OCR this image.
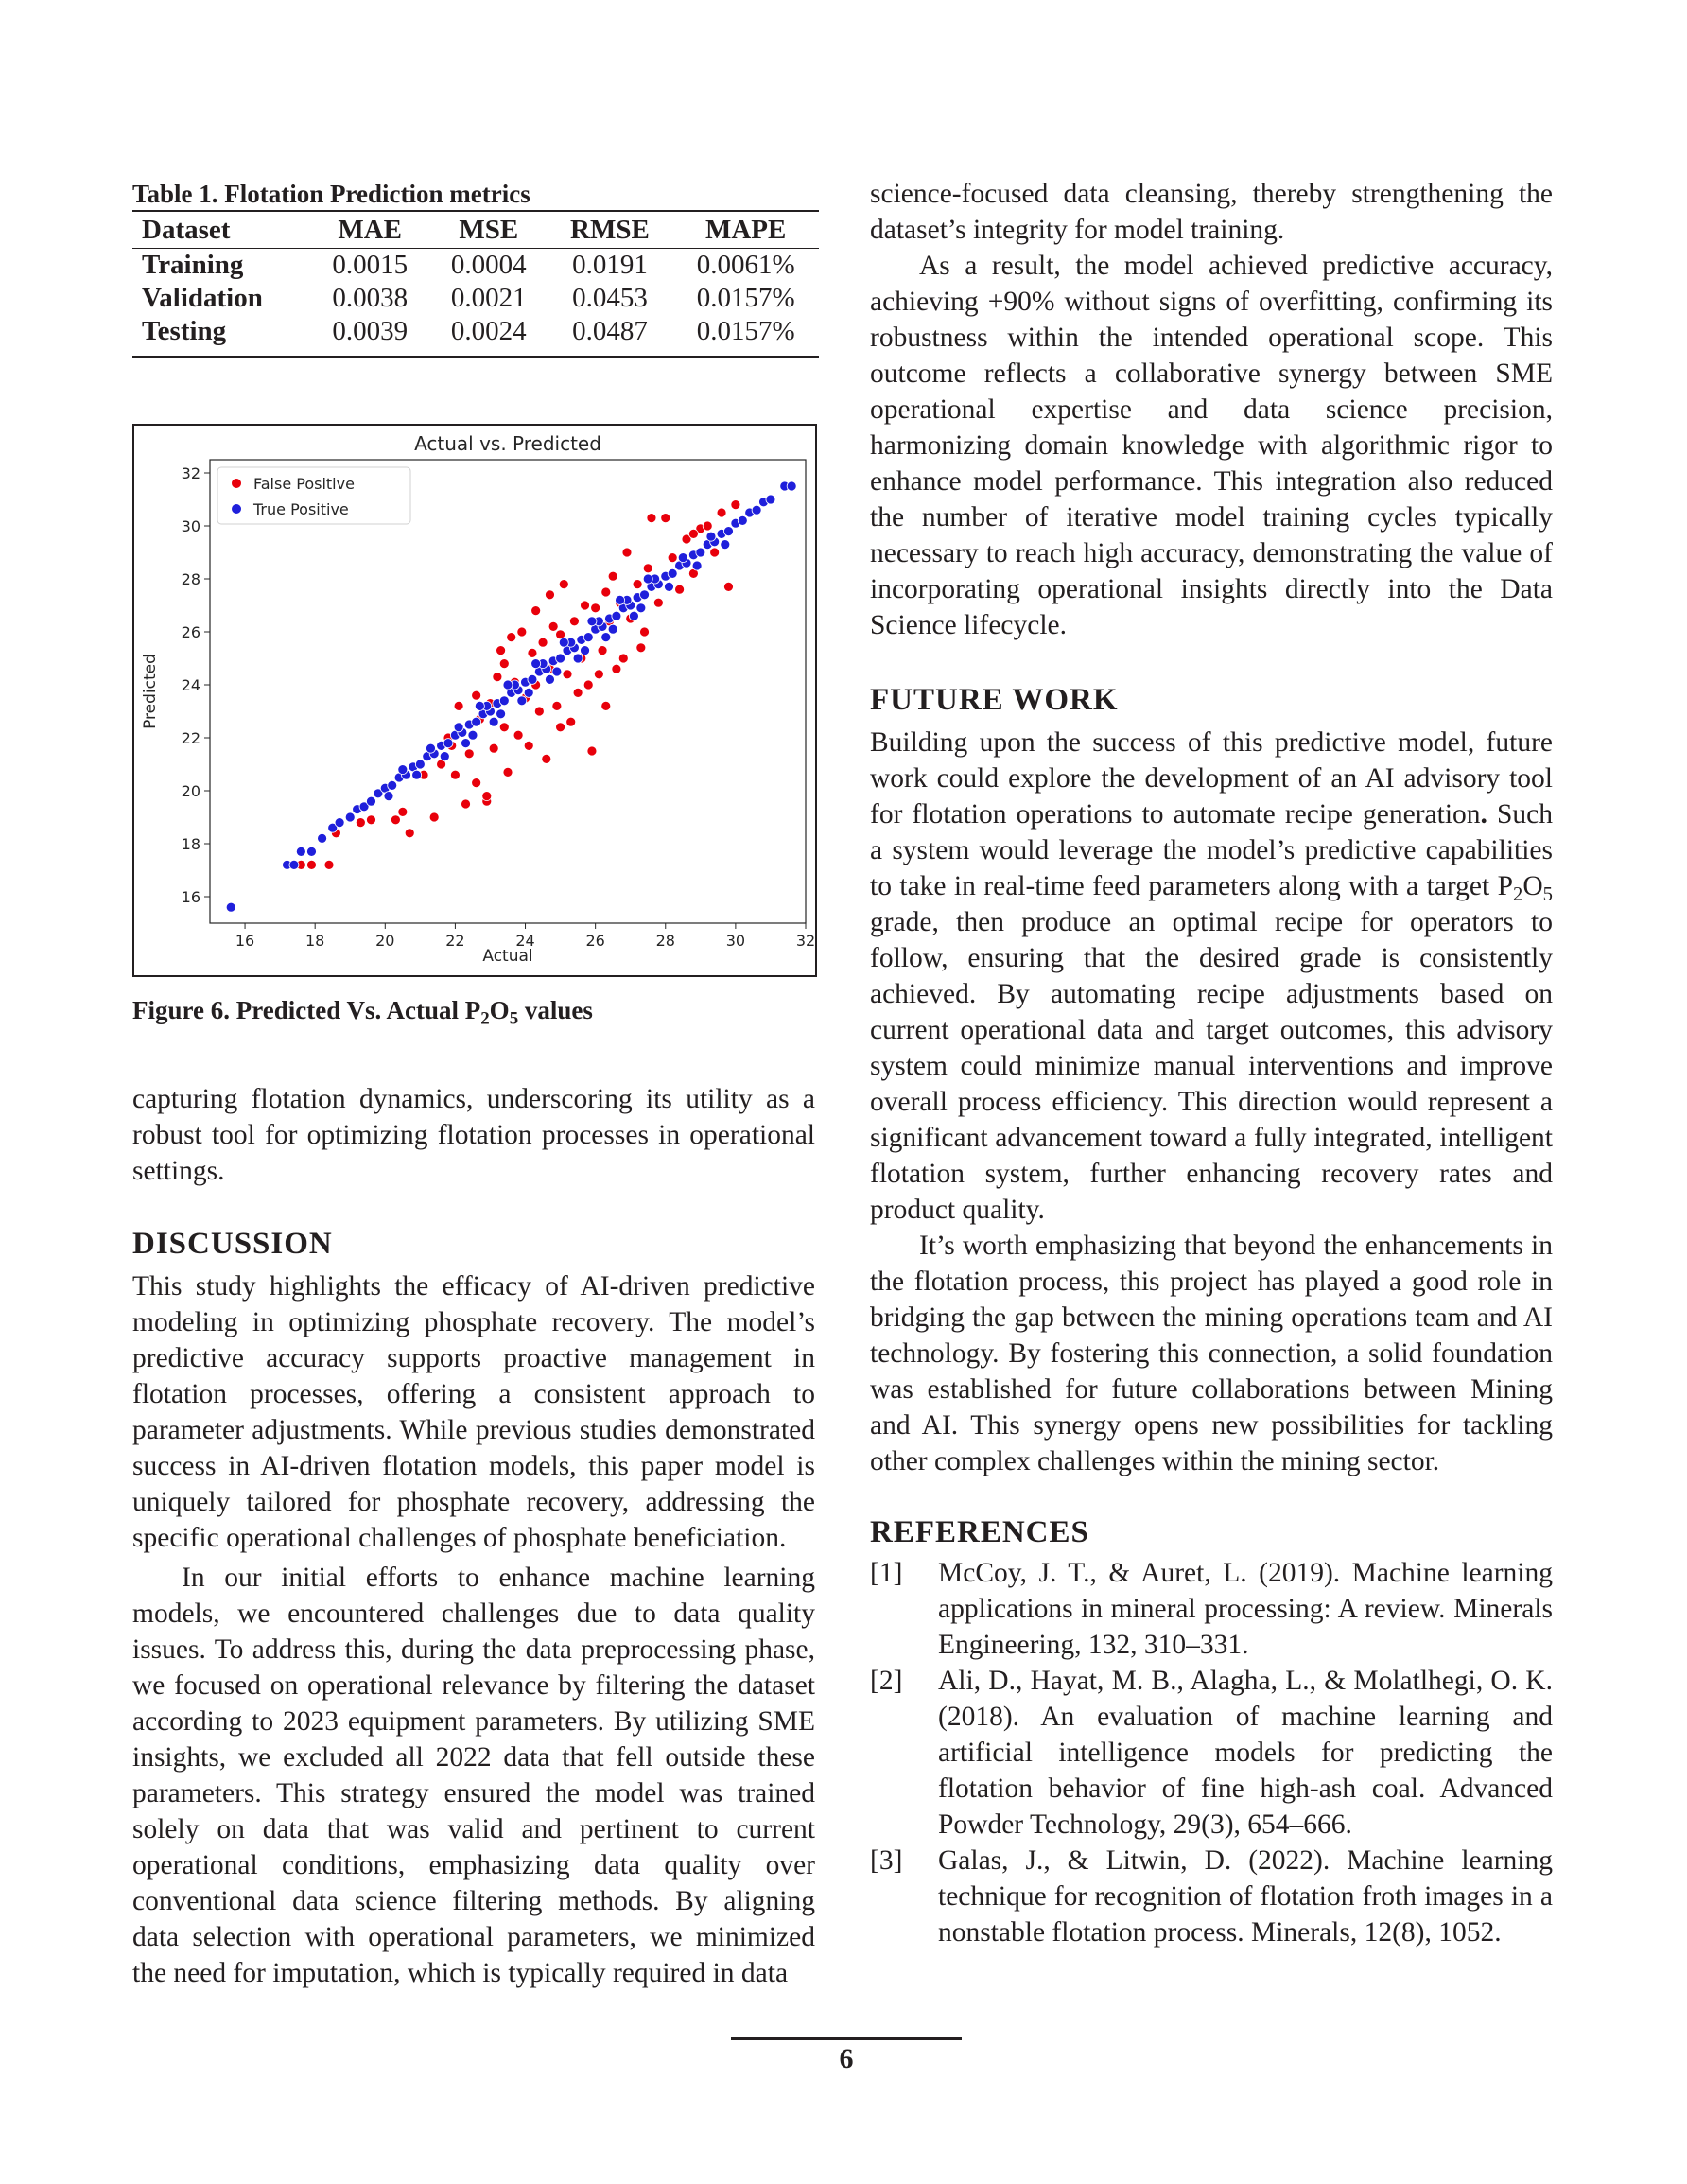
Table 1. Flotation Prediction metrics
Dataset	MAE	MSE	RMSE	MAPE
Training	0.0015	0.0004	0.0191	0.0061%
Validation	0.0038	0.0021	0.0453	0.0157%
Testing	0.0039	0.0024	0.0487	0.0157%
Actual vs. Predicted
16	18	20	22	24	26	28	30	32
16
18
20
22
24
26
28
30
32
Actual
Predicted
False Positive
True Positive
Figure 6. Predicted Vs. Actual $P_2O_5$ values

capturing flotation dynamics, underscoring its utility as a robust tool for optimizing flotation processes in operational settings.

DISCUSSION

This study highlights the efficacy of AI-driven predictive modeling in optimizing phosphate recovery. The model’s predictive accuracy supports proactive management in flotation processes, offering a consistent approach to parameter adjustments. While previous studies demonstrated success in AI-driven flotation models, this paper model is uniquely tailored for phosphate recovery, addressing the specific operational challenges of phosphate beneficiation.

In our initial efforts to enhance machine learning models, we encountered challenges due to data quality issues. To address this, during the data preprocessing phase, we focused on operational relevance by filtering the dataset according to 2023 equipment parameters. By utilizing SME insights, we excluded all 2022 data that fell outside these parameters. This strategy ensured the model was trained solely on data that was valid and pertinent to current operational conditions, emphasizing data quality over conventional data science filtering methods. By aligning data selection with operational parameters, we minimized the need for imputation, which is typically required in data

science-focused data cleansing, thereby strengthening the dataset’s integrity for model training.

As a result, the model achieved predictive accuracy, achieving +90% without signs of overfitting, confirming its robustness within the intended operational scope. This outcome reflects a collaborative synergy between SME operational expertise and data science precision, harmonizing domain knowledge with algorithmic rigor to enhance model performance. This integration also reduced the number of iterative model training cycles typically necessary to reach high accuracy, demonstrating the value of incorporating operational insights directly into the Data Science lifecycle.

FUTURE WORK

Building upon the success of this predictive model, future work could explore the development of an AI advisory tool for flotation operations to automate recipe generation. Such a system would leverage the model’s predictive capabilities to take in real-time feed parameters along with a target $P_2O_5$ grade, then produce an optimal recipe for operators to follow, ensuring that the desired grade is consistently achieved. By automating recipe adjustments based on current operational data and target outcomes, this advisory system could minimize manual interventions and improve overall process efficiency. This direction would represent a significant advancement toward a fully integrated, intelligent flotation system, further enhancing recovery rates and product quality.

It’s worth emphasizing that beyond the enhancements in the flotation process, this project has played a good role in bridging the gap between the mining operations team and AI technology. By fostering this connection, a solid foundation was established for future collaborations between Mining and AI. This synergy opens new possibilities for tackling other complex challenges within the mining sector.

REFERENCES
[1]	McCoy, J. T., & Auret, L. (2019). Machine learning applications in mineral processing: A review. Minerals Engineering, 132, 310–331.
[2]	Ali, D., Hayat, M. B., Alagha, L., & Molatlhegi, O. K. (2018). An evaluation of machine learning and artificial intelligence models for predicting the flotation behavior of fine high-ash coal. Advanced Powder Technology, 29(3), 654–666.
[3]	Galas, J., & Litwin, D. (2022). Machine learning technique for recognition of flotation froth images in a nonstable flotation process. Minerals, 12(8), 1052.
6
